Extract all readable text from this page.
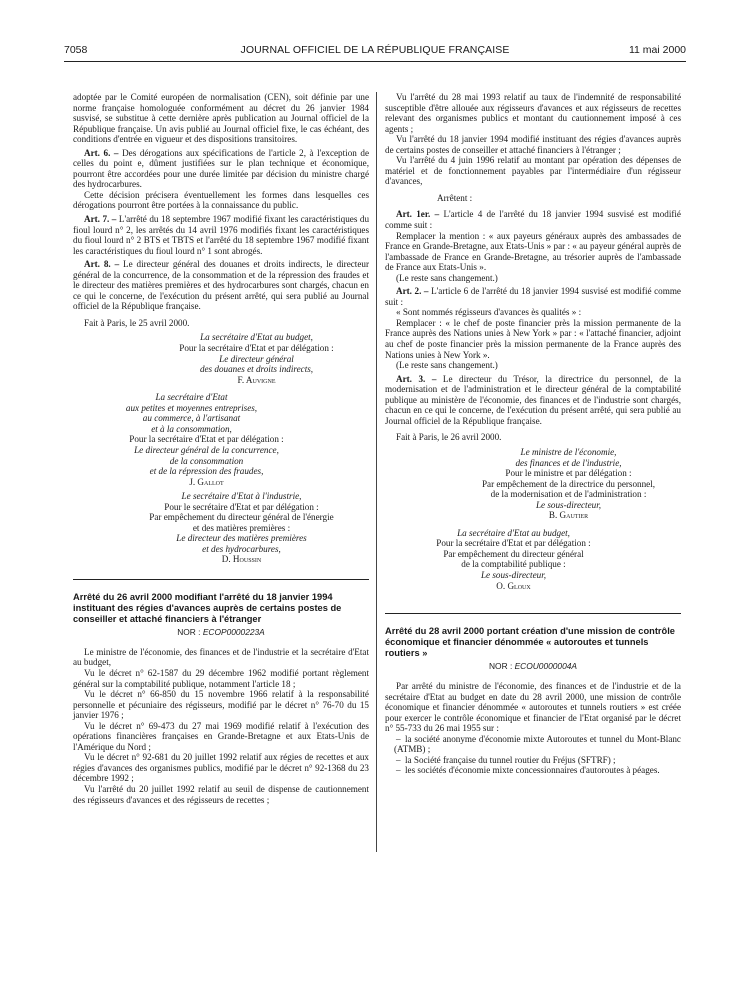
7058	JOURNAL OFFICIEL DE LA RÉPUBLIQUE FRANÇAISE	11 mai 2000

adoptée par le Comité européen de normalisation (CEN), soit définie par une norme française homologuée conformément au décret du 26 janvier 1984 susvisé, se substitue à cette dernière après publication au Journal officiel de la République française. Un avis publié au Journal officiel fixe, le cas échéant, des conditions d'entrée en vigueur et des dispositions transitoires.

Art. 6. – Des dérogations aux spécifications de l'article 2, à l'exception de celles du point e, dûment justifiées sur le plan technique et économique, pourront être accordées pour une durée limitée par décision du ministre chargé des hydrocarbures.

Cette décision précisera éventuellement les formes dans lesquelles ces dérogations pourront être portées à la connaissance du public.

Art. 7. – L'arrêté du 18 septembre 1967 modifié fixant les caractéristiques du fioul lourd n° 2, les arrêtés du 14 avril 1976 modifiés fixant les caractéristiques du fioul lourd n° 2 BTS et TBTS et l'arrêté du 18 septembre 1967 modifié fixant les caractéristiques du fioul lourd n° 1 sont abrogés.

Art. 8. – Le directeur général des douanes et droits indirects, le directeur général de la concurrence, de la consommation et de la répression des fraudes et le directeur des matières premières et des hydrocarbures sont chargés, chacun en ce qui le concerne, de l'exécution du présent arrêté, qui sera publié au Journal officiel de la République française.

Fait à Paris, le 25 avril 2000.

La secrétaire d'Etat au budget,

Pour la secrétaire d'Etat et par délégation :

Le directeur général

des douanes et droits indirects,

F. Auvigne

La secrétaire d'Etat

aux petites et moyennes entreprises,

au commerce, à l'artisanat

et à la consommation,

Pour la secrétaire d'Etat et par délégation :

Le directeur général de la concurrence,

de la consommation

et de la répression des fraudes,

J. Gallot

Le secrétaire d'Etat à l'industrie,

Pour le secrétaire d'Etat et par délégation :

Par empêchement du directeur général de l'énergie

et des matières premières :

Le directeur des matières premières

et des hydrocarbures,

D. Houssin

Arrêté du 26 avril 2000 modifiant l'arrêté du 18 janvier 1994 instituant des régies d'avances auprès de certains postes de conseiller et attaché financiers à l'étranger
NOR : ECOP0000223A

Le ministre de l'économie, des finances et de l'industrie et la secrétaire d'Etat au budget,

Vu le décret n° 62-1587 du 29 décembre 1962 modifié portant règlement général sur la comptabilité publique, notamment l'article 18 ;

Vu le décret n° 66-850 du 15 novembre 1966 relatif à la responsabilité personnelle et pécuniaire des régisseurs, modifié par le décret n° 76-70 du 15 janvier 1976 ;

Vu le décret n° 69-473 du 27 mai 1969 modifié relatif à l'exécution des opérations financières françaises en Grande-Bretagne et aux Etats-Unis de l'Amérique du Nord ;

Vu le décret n° 92-681 du 20 juillet 1992 relatif aux régies de recettes et aux régies d'avances des organismes publics, modifié par le décret n° 92-1368 du 23 décembre 1992 ;

Vu l'arrêté du 20 juillet 1992 relatif au seuil de dispense de cautionnement des régisseurs d'avances et des régisseurs de recettes ;

Vu l'arrêté du 28 mai 1993 relatif au taux de l'indemnité de responsabilité susceptible d'être allouée aux régisseurs d'avances et aux régisseurs de recettes relevant des organismes publics et montant du cautionnement imposé à ces agents ;

Vu l'arrêté du 18 janvier 1994 modifié instituant des régies d'avances auprès de certains postes de conseiller et attaché financiers à l'étranger ;

Vu l'arrêté du 4 juin 1996 relatif au montant par opération des dépenses de matériel et de fonctionnement payables par l'intermédiaire d'un régisseur d'avances,

Arrêtent :

Art. 1er. – L'article 4 de l'arrêté du 18 janvier 1994 susvisé est modifié comme suit :

Remplacer la mention : « aux payeurs généraux auprès des ambassades de France en Grande-Bretagne, aux Etats-Unis » par : « au payeur général auprès de l'ambassade de France en Grande-Bretagne, au trésorier auprès de l'ambassade de France aux Etats-Unis ».

(Le reste sans changement.)

Art. 2. – L'article 6 de l'arrêté du 18 janvier 1994 susvisé est modifié comme suit :

« Sont nommés régisseurs d'avances ès qualités » :

Remplacer : « le chef de poste financier près la mission permanente de la France auprès des Nations unies à New York » par : « l'attaché financier, adjoint au chef de poste financier près la mission permanente de la France auprès des Nations unies à New York ».

(Le reste sans changement.)

Art. 3. – Le directeur du Trésor, la directrice du personnel, de la modernisation et de l'administration et le directeur général de la comptabilité publique au ministère de l'économie, des finances et de l'industrie sont chargés, chacun en ce qui le concerne, de l'exécution du présent arrêté, qui sera publié au Journal officiel de la République française.

Fait à Paris, le 26 avril 2000.

Le ministre de l'économie,

des finances et de l'industrie,

Pour le ministre et par délégation :

Par empêchement de la directrice du personnel,

de la modernisation et de l'administration :

Le sous-directeur,

B. Gautier

La secrétaire d'Etat au budget,

Pour la secrétaire d'Etat et par délégation :

Par empêchement du directeur général

de la comptabilité publique :

Le sous-directeur,

O. Gloux

Arrêté du 28 avril 2000 portant création d'une mission de contrôle économique et financier dénommée « autoroutes et tunnels routiers »
NOR : ECOU0000004A

Par arrêté du ministre de l'économie, des finances et de l'industrie et de la secrétaire d'Etat au budget en date du 28 avril 2000, une mission de contrôle économique et financier dénommée « autoroutes et tunnels routiers » est créée pour exercer le contrôle économique et financier de l'Etat organisé par le décret n° 55-733 du 26 mai 1955 sur :

– la société anonyme d'économie mixte Autoroutes et tunnel du Mont-Blanc (ATMB) ;

– la Société française du tunnel routier du Fréjus (SFTRF) ;

– les sociétés d'économie mixte concessionnaires d'autoroutes à péages.
